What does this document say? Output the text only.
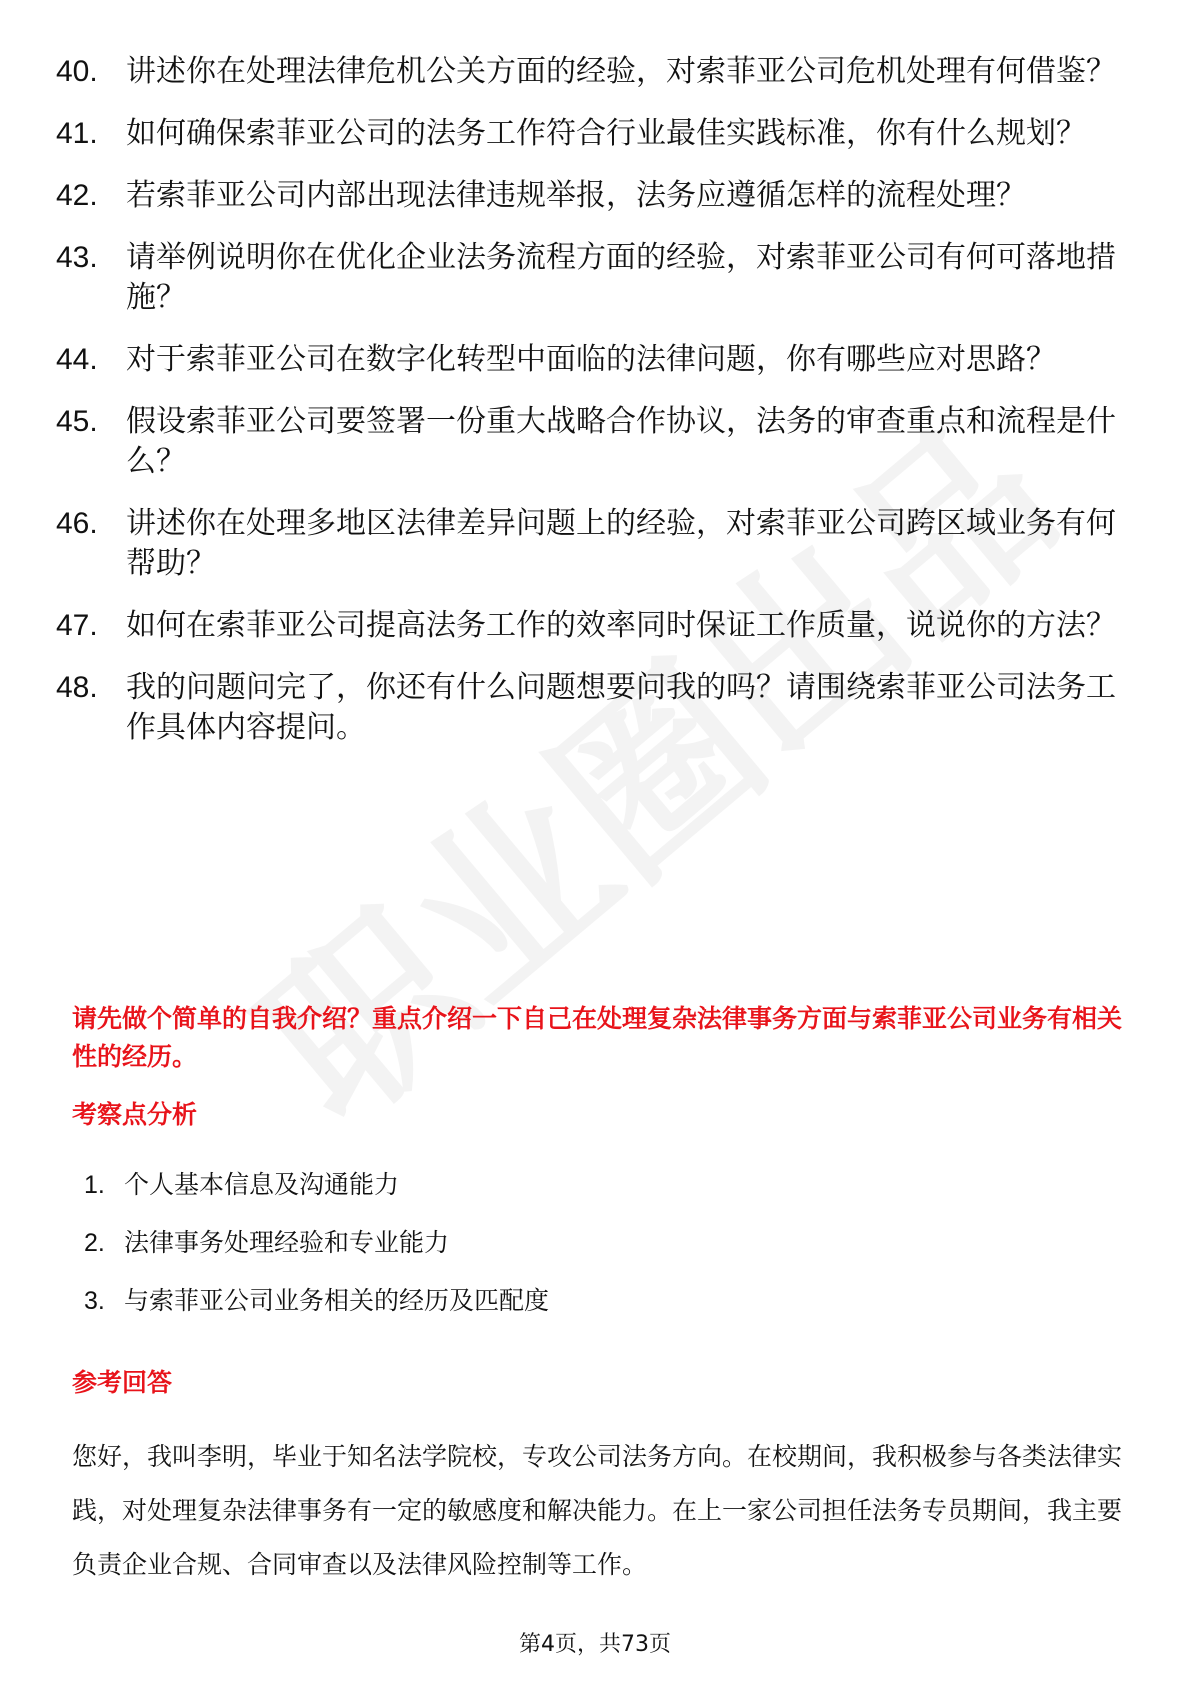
40. 讲述你在处理法律危机公关方面的经验，对索菲亚公司危机处理有何借鉴？
41. 如何确保索菲亚公司的法务工作符合行业最佳实践标准，你有什么规划？
42. 若索菲亚公司内部出现法律违规举报，法务应遵循怎样的流程处理？
43. 请举例说明你在优化企业法务流程方面的经验，对索菲亚公司有何可落地措施？
44. 对于索菲亚公司在数字化转型中面临的法律问题，你有哪些应对思路？
45. 假设索菲亚公司要签署一份重大战略合作协议，法务的审查重点和流程是什么？
46. 讲述你在处理多地区法律差异问题上的经验，对索菲亚公司跨区域业务有何帮助？
47. 如何在索菲亚公司提高法务工作的效率同时保证工作质量，说说你的方法？
48. 我的问题问完了，你还有什么问题想要问我的吗？请围绕索菲亚公司法务工作具体内容提问。

请先做个简单的自我介绍？重点介绍一下自己在处理复杂法律事务方面与索菲亚公司业务有相关性的经历。

考察点分析
1. 个人基本信息及沟通能力
2. 法律事务处理经验和专业能力
3. 与索菲亚公司业务相关的经历及匹配度
参考回答

您好，我叫李明，毕业于知名法学院校，专攻公司法务方向。在校期间，我积极参与各类法律实践，对处理复杂法律事务有一定的敏感度和解决能力。在上一家公司担任法务专员期间，我主要负责企业合规、合同审查以及法律风险控制等工作。

第4页，共73页
